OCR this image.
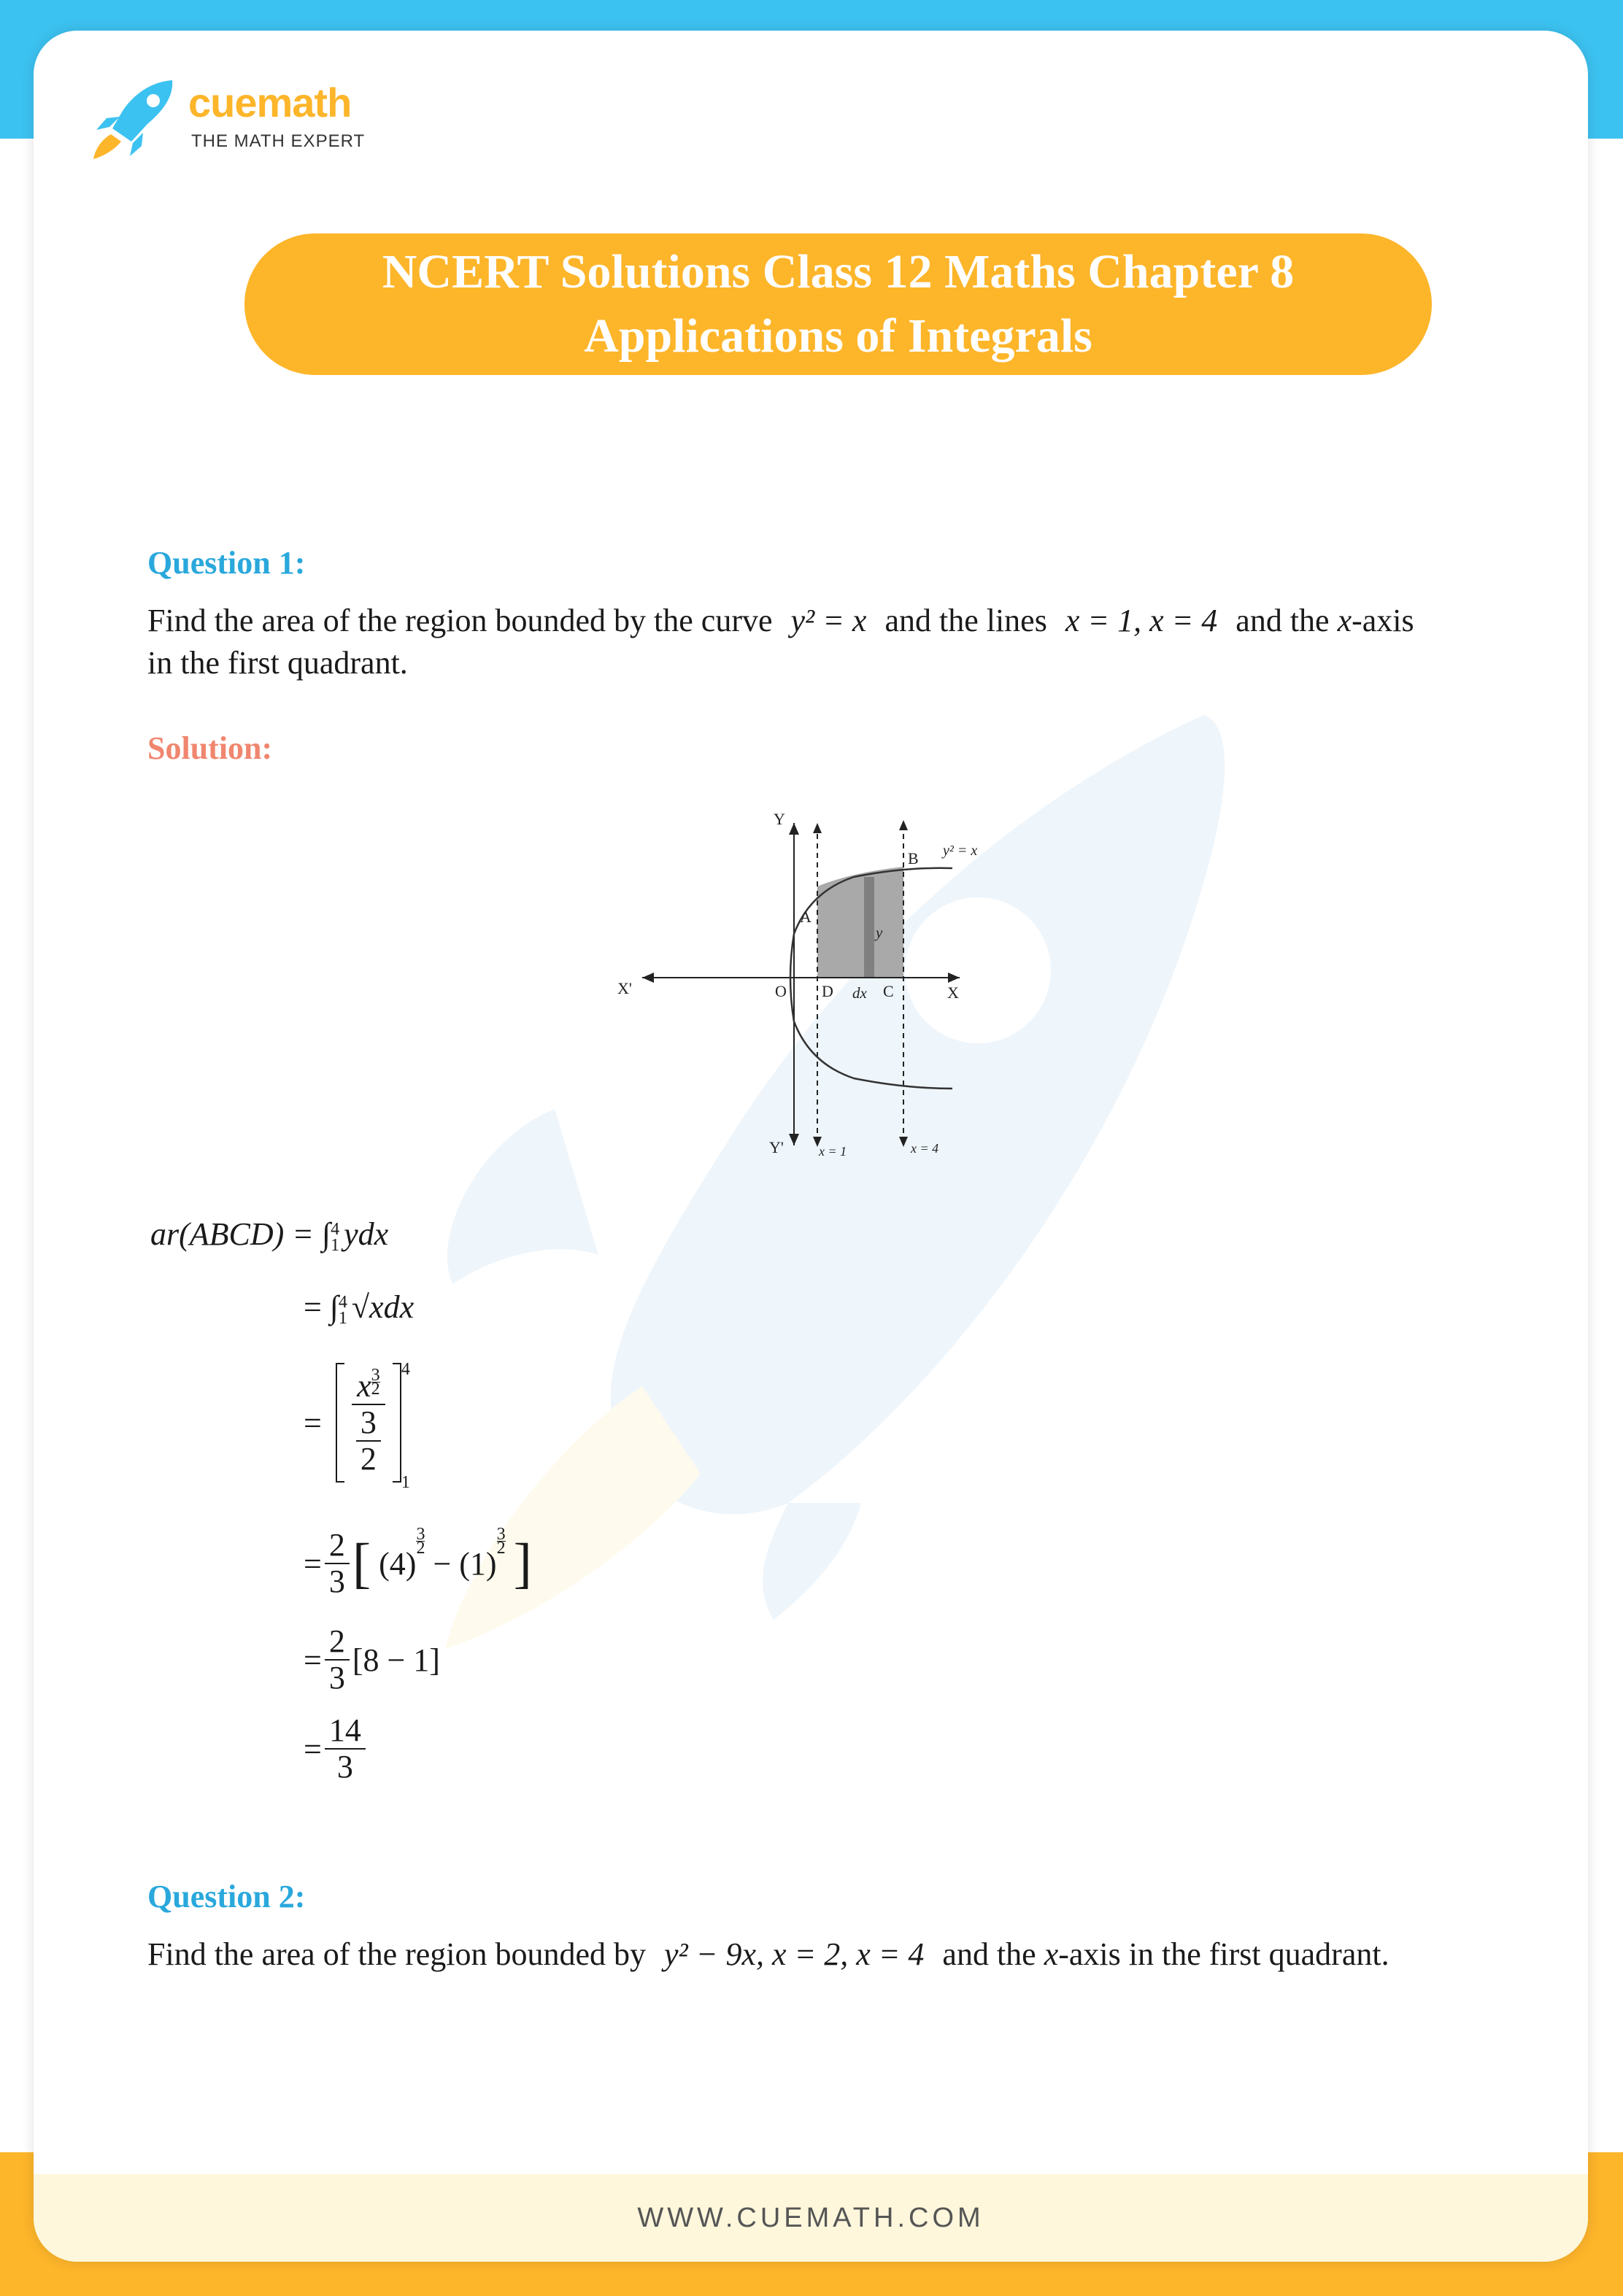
WWW.CUEMATH.COM
cuemath
THE MATH EXPERT
NCERT Solutions Class 12 Maths Chapter 8
Applications of Integrals
Question 1:
Find the area of the region bounded by the curve y² = x and the lines x = 1, x = 4 and the x-axis
in the first quadrant.
Solution:
Y
Y'
X'	X
O
A
B
C
D dx
y
y² = x
x = 1	x = 4
ar(ABCD) = ∫ 4
1 ydx
= ∫ 4
1 √xdx
= x $^{\frac{3}{2}}$
$\frac{3}{2} ^4_1$
= $\frac{2}{3}$ [ (4)
$\frac{3}{2}$
− (1)
$\frac{3}{2}$ ]
= $\frac{2}{3} [8 - 1]$
= $\frac{14}{3}$
Question 2:
Find the area of the region bounded by y² − 9x, x = 2, x = 4 and the x-axis in the first quadrant.
